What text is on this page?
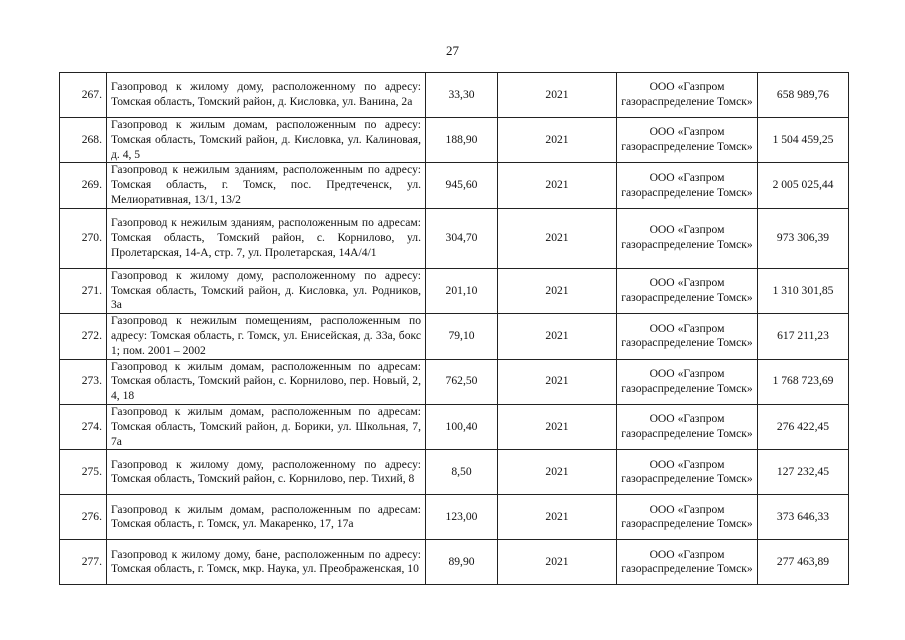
27
267.	Газопровод к жилому дому, расположенному по адресу: Томская область, Томский район, д. Кисловка, ул. Ванина, 2а	33,30	2021	ООО «Газпром газораспределение Томск»	658 989,76
268.	Газопровод к жилым домам, расположенным по адресу: Томская область, Томский район, д. Кисловка, ул. Калиновая, д. 4, 5	188,90	2021	ООО «Газпром газораспределение Томск»	1 504 459,25
269.	Газопровод к нежилым зданиям, расположенным по адресу: Томская область, г. Томск, пос. Предтеченск, ул. Мелиоративная, 13/1, 13/2	945,60	2021	ООО «Газпром газораспределение Томск»	2 005 025,44
270.	Газопровод к нежилым зданиям, расположенным по адресам: Томская область, Томский район, с. Корнилово, ул. Пролетарская, 14-А, стр. 7, ул. Пролетарская, 14А/4/1	304,70	2021	ООО «Газпром газораспределение Томск»	973 306,39
271.	Газопровод к жилому дому, расположенному по адресу: Томская область, Томский район, д. Кисловка, ул. Родников, 3а	201,10	2021	ООО «Газпром газораспределение Томск»	1 310 301,85
272.	Газопровод к нежилым помещениям, расположенным по адресу: Томская область, г. Томск, ул. Енисейская, д. 33а, бокс 1; пом. 2001 – 2002	79,10	2021	ООО «Газпром газораспределение Томск»	617 211,23
273.	Газопровод к жилым домам, расположенным по адресам: Томская область, Томский район, с. Корнилово, пер. Новый, 2, 4, 18	762,50	2021	ООО «Газпром газораспределение Томск»	1 768 723,69
274.	Газопровод к жилым домам, расположенным по адресам: Томская область, Томский район, д. Борики, ул. Школьная, 7, 7а	100,40	2021	ООО «Газпром газораспределение Томск»	276 422,45
275.	Газопровод к жилому дому, расположенному по адресу: Томская область, Томский район, с. Корнилово, пер. Тихий, 8	8,50	2021	ООО «Газпром газораспределение Томск»	127 232,45
276.	Газопровод к жилым домам, расположенным по адресам: Томская область, г. Томск, ул. Макаренко, 17, 17а	123,00	2021	ООО «Газпром газораспределение Томск»	373 646,33
277.	Газопровод к жилому дому, бане, расположенным по адресу: Томская область, г. Томск, мкр. Наука, ул. Преображенская, 10	89,90	2021	ООО «Газпром газораспределение Томск»	277 463,89
